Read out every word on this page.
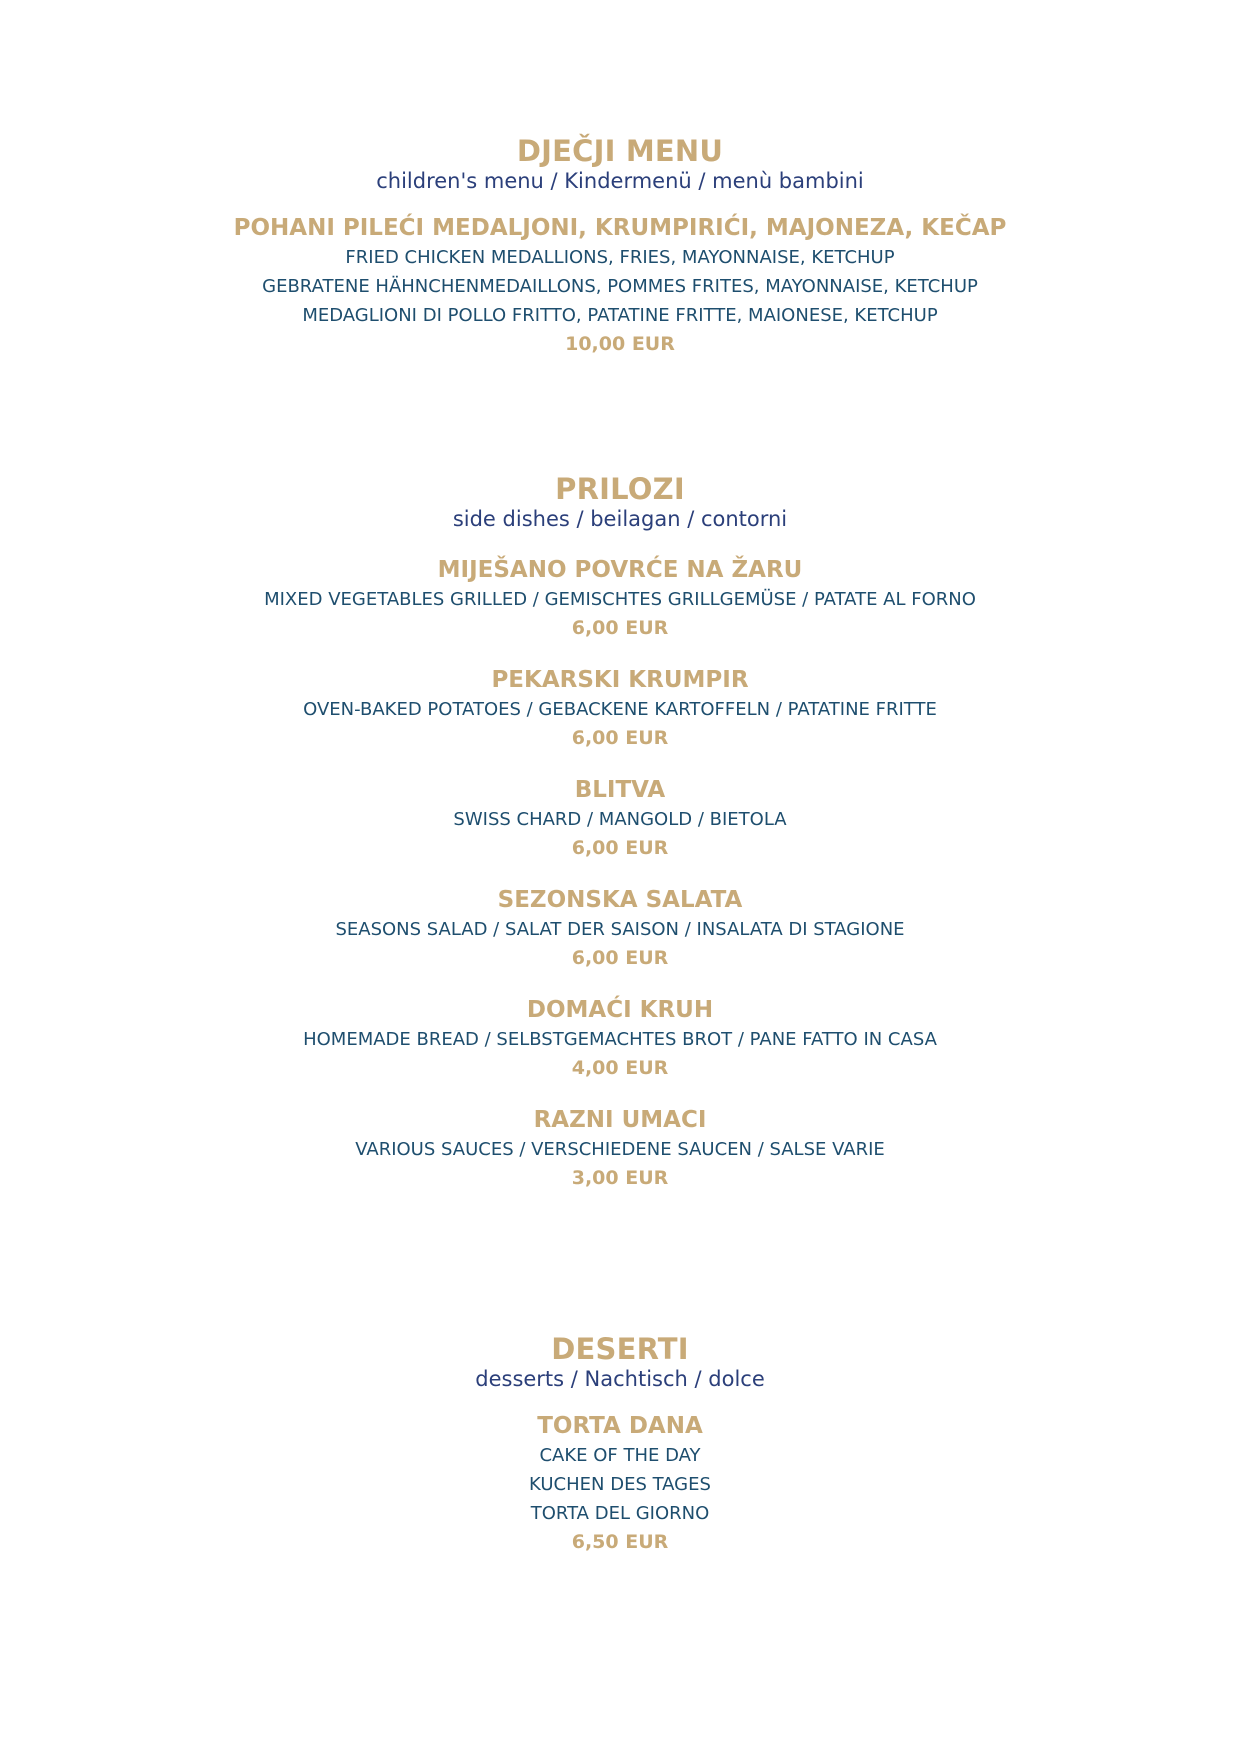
DJEČJI MENU
children's menu / Kindermenü / menù bambini
POHANI PILEĆI MEDALJONI, KRUMPIRIĆI, MAJONEZA, KEČAP
FRIED CHICKEN MEDALLIONS, FRIES, MAYONNAISE, KETCHUP
GEBRATENE HÄHNCHENMEDAILLONS, POMMES FRITES, MAYONNAISE, KETCHUP
MEDAGLIONI DI POLLO FRITTO, PATATINE FRITTE, MAIONESE, KETCHUP
10,00 EUR
PRILOZI
side dishes / beilagan / contorni
MIJEŠANO POVRĆE NA ŽARU
MIXED VEGETABLES GRILLED / GEMISCHTES GRILLGEMÜSE / PATATE AL FORNO
6,00 EUR
PEKARSKI KRUMPIR
OVEN-BAKED POTATOES / GEBACKENE KARTOFFELN / PATATINE FRITTE
6,00 EUR
BLITVA
SWISS CHARD / MANGOLD / BIETOLA
6,00 EUR
SEZONSKA SALATA
SEASONS SALAD / SALAT DER SAISON / INSALATA DI STAGIONE
6,00 EUR
DOMAĆI KRUH
HOMEMADE BREAD / SELBSTGEMACHTES BROT / PANE FATTO IN CASA
4,00 EUR
RAZNI UMACI
VARIOUS SAUCES / VERSCHIEDENE SAUCEN / SALSE VARIE
3,00 EUR
DESERTI
desserts / Nachtisch / dolce
TORTA DANA
CAKE OF THE DAY
KUCHEN DES TAGES
TORTA DEL GIORNO
6,50 EUR
